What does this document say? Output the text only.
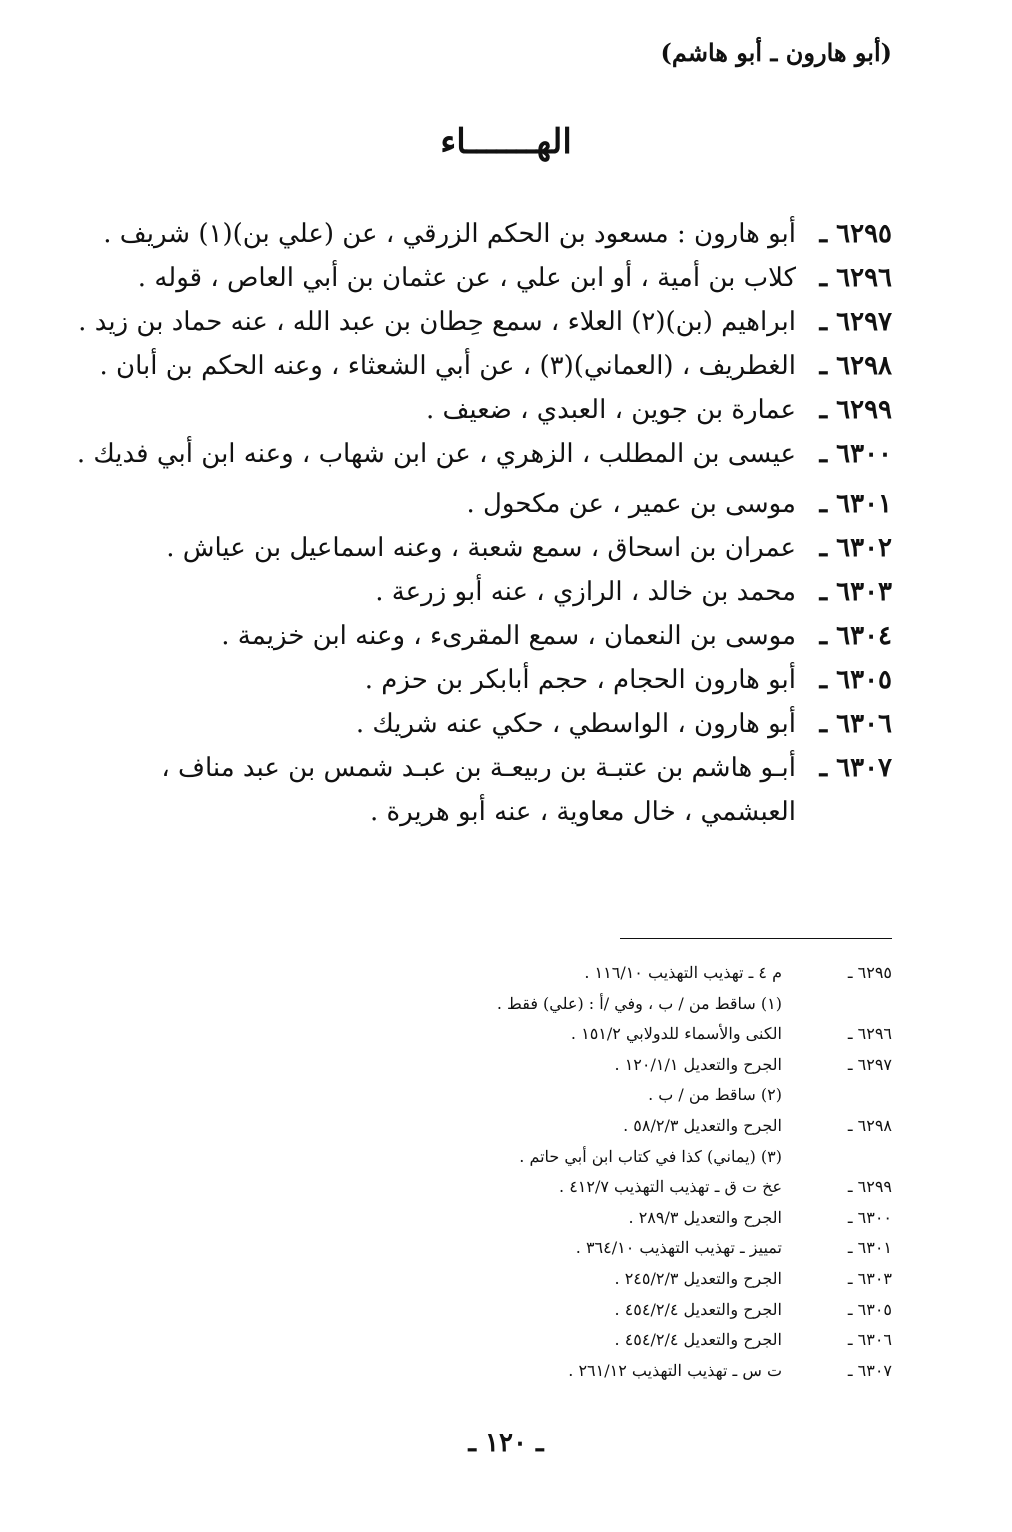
(أبو هارون ـ أبو هاشم)
الهـــــــاء
٦٢٩٥ ـ
أبو هارون : مسعود بن الحكم الزرقي ، عن (علي بن)(١) شريف .
٦٢٩٦ ـ
كلاب بن أمية ، أو ابن علي ، عن عثمان بن أبي العاص ، قوله .
٦٢٩٧ ـ
ابراهيم (بن)(٢) العلاء ، سمع حِطان بن عبد الله ، عنه حماد بن زيد .
٦٢٩٨ ـ
الغطريف ، (العماني)(٣) ، عن أبي الشعثاء ، وعنه الحكم بن أبان .
٦٢٩٩ ـ
عمارة بن جوين ، العبدي ، ضعيف .
٦٣٠٠ ـ
عيسى بن المطلب ، الزهري ، عن ابن شهاب ، وعنه ابن أبي فديك .
٦٣٠١ ـ
موسى بن عمير ، عن مكحول .
٦٣٠٢ ـ
عمران بن اسحاق ، سمع شعبة ، وعنه اسماعيل بن عياش .
٦٣٠٣ ـ
محمد بن خالد ، الرازي ، عنه أبو زرعة .
٦٣٠٤ ـ
موسى بن النعمان ، سمع المقرىء ، وعنه ابن خزيمة .
٦٣٠٥ ـ
أبو هارون الحجام ، حجم أبابكر بن حزم .
٦٣٠٦ ـ
أبو هارون ، الواسطي ، حكي عنه شريك .
٦٣٠٧ ـ
أبـو هاشم بن عتبـة بن ربيعـة بن عبـد شمس بن عبد مناف ، العبشمي ، خال معاوية ، عنه أبو هريرة .
٦٢٩٥ ـ
م ٤ ـ تهذيب التهذيب ١١٦/١٠ .
(١) ساقط من / ب ، وفي /أ : (علي) فقط .
٦٢٩٦ ـ
الكنى والأسماء للدولابي ١٥١/٢ .
٦٢٩٧ ـ
الجرح والتعديل ١٢٠/١/١ .
(٢) ساقط من / ب .
٦٢٩٨ ـ
الجرح والتعديل ٥٨/٢/٣ .
(٣) (يماني) كذا في كتاب ابن أبي حاتم .
٦٢٩٩ ـ
عخ ت ق ـ تهذيب التهذيب ٤١٢/٧ .
٦٣٠٠ ـ
الجرح والتعديل ٢٨٩/٣ .
٦٣٠١ ـ
تمييز ـ تهذيب التهذيب ٣٦٤/١٠ .
٦٣٠٣ ـ
الجرح والتعديل ٢٤٥/٢/٣ .
٦٣٠٥ ـ
الجرح والتعديل ٤٥٤/٢/٤ .
٦٣٠٦ ـ
الجرح والتعديل ٤٥٤/٢/٤ .
٦٣٠٧ ـ
ت س ـ تهذيب التهذيب ٢٦١/١٢ .
ـ ١٢٠ ـ
